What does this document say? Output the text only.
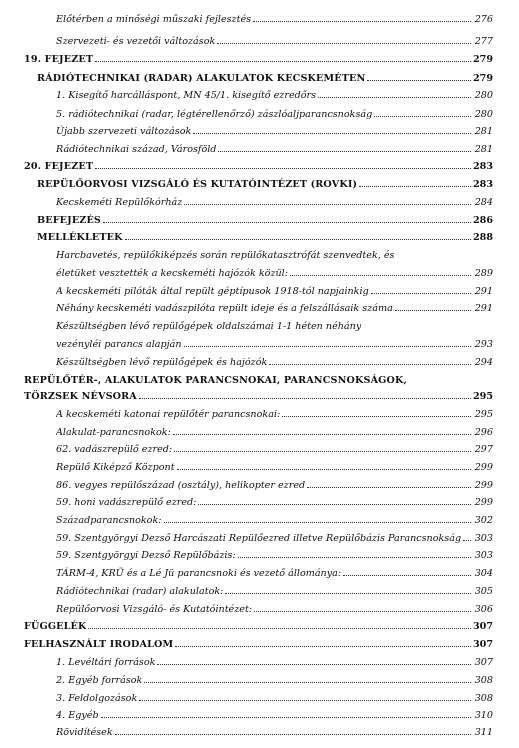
Előtérben a minőségi műszaki fejlesztés	276
Szervezeti- és vezetői változások	277
19. FEJEZET	279
RÁDIÓTECHNIKAI (RADAR) ALAKULATOK KECSKEMÉTEN	279
1. Kisegítő harcálláspont, MN 45/1. kisegítő ezredőrs	280
5. rádiótechnikai (radar, légtérellenőrző) zászlóaljparancsnokság	280
Újabb szervezeti változások	281
Rádiótechnikai század, Városföld	281
20. FEJEZET	283
REPÜLŐORVOSI VIZSGÁLÓ ÉS KUTATÓINTÉZET (ROVKI)	283
Kecskeméti Repülőkórház	284
BEFEJEZÉS	286
MELLÉKLETEK	288
Harcbavetés, repülőkiképzés során repülőkatasztrófát szenvedtek, és
életüket vesztették a kecskeméti hajózók közül:	289
A kecskeméti pilóták által repült géptípusok 1918-tól napjainkig	291
Néhány kecskeméti vadászpilóta repült ideje és a felszállásaik száma	291
Készültségben lévő repülőgépek oldalszámai 1-1 héten néhány
vezényléi parancs alapján	293
Készültségben lévő repülőgépek és hajózók	294
REPÜLŐTÉR-, ALAKULATOK PARANCSNOKAI, PARANCSNOKSÁGOK,
TÖRZSEK NÉVSORA	295
A kecskeméti katonai repülőtér parancsnokai:	295
Alakulat-parancsnokok:	296
62. vadászrepülő ezred:	297
Repülő Kiképző Központ	299
86. vegyes repülőszázad (osztály), helikopter ezred	299
59. honi vadászrepülő ezred:	299
Századparancsnokok:	302
59. Szentgyörgyi Dezső Harcászati Repülőezred illetve Repülőbázis Parancsnokság 303
59. Szentgyörgyi Dezső Repülőbázis:	303
TÁRM-4, KRÜ és a Lé Jü parancsnoki és vezető állománya:	304
Rádiótechnikai (radar) alakulatok:	305
Repülőorvosi Vizsgáló- és Kutatóintézet:	306
FÜGGELÉK	307
FELHASZNÁLT IRODALOM	307
1. Levéltári források	307
2. Egyéb források	308
3. Feldolgozások	308
4. Egyéb	310
Rövidítések	311
